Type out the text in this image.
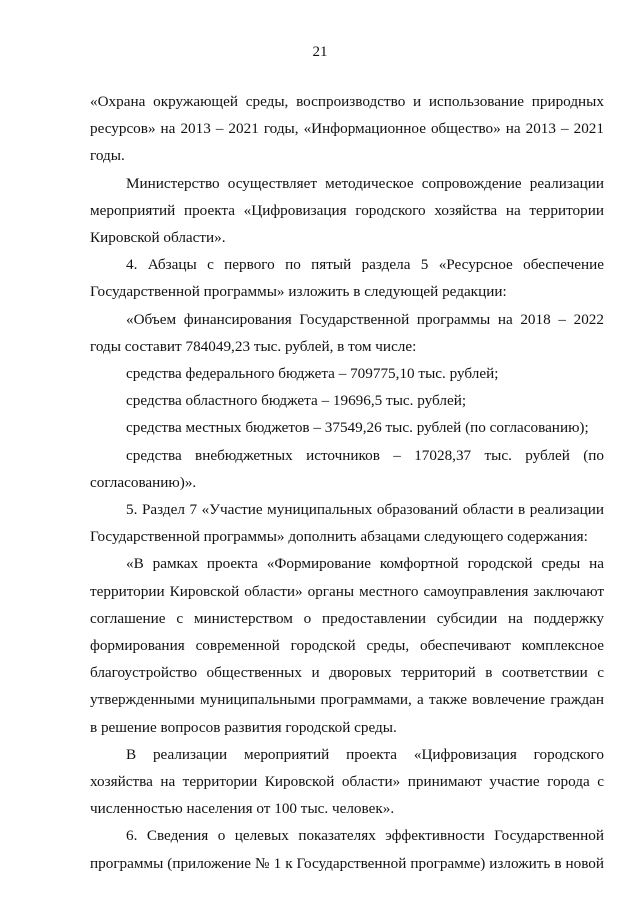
21

«Охрана окружающей среды, воспроизводство и использование природных ресурсов» на 2013 – 2021 годы, «Информационное общество» на 2013 – 2021 годы.

Министерство осуществляет методическое сопровождение реализации мероприятий проекта «Цифровизация городского хозяйства на территории Кировской области».

4. Абзацы с первого по пятый раздела 5 «Ресурсное обеспечение Государственной программы» изложить в следующей редакции:

«Объем финансирования Государственной программы на 2018 – 2022 годы составит 784049,23 тыс. рублей, в том числе:

средства федерального бюджета – 709775,10 тыс. рублей;

средства областного бюджета – 19696,5 тыс. рублей;

средства местных бюджетов – 37549,26 тыс. рублей (по согласованию);

средства внебюджетных источников – 17028,37 тыс. рублей (по согласованию)».

5. Раздел 7 «Участие муниципальных образований области в реализации Государственной программы» дополнить абзацами следующего содержания:

«В рамках проекта «Формирование комфортной городской среды на территории Кировской области» органы местного самоуправления заключают соглашение с министерством о предоставлении субсидии на поддержку формирования современной городской среды, обеспечивают комплексное благоустройство общественных и дворовых территорий в соответствии с утвержденными муниципальными программами, а также вовлечение граждан в решение вопросов развития городской среды.

В реализации мероприятий проекта «Цифровизация городского хозяйства на территории Кировской области» принимают участие города с численностью населения от 100 тыс. человек».

6. Сведения о целевых показателях эффективности Государственной программы (приложение № 1 к Государственной программе) изложить в новой
